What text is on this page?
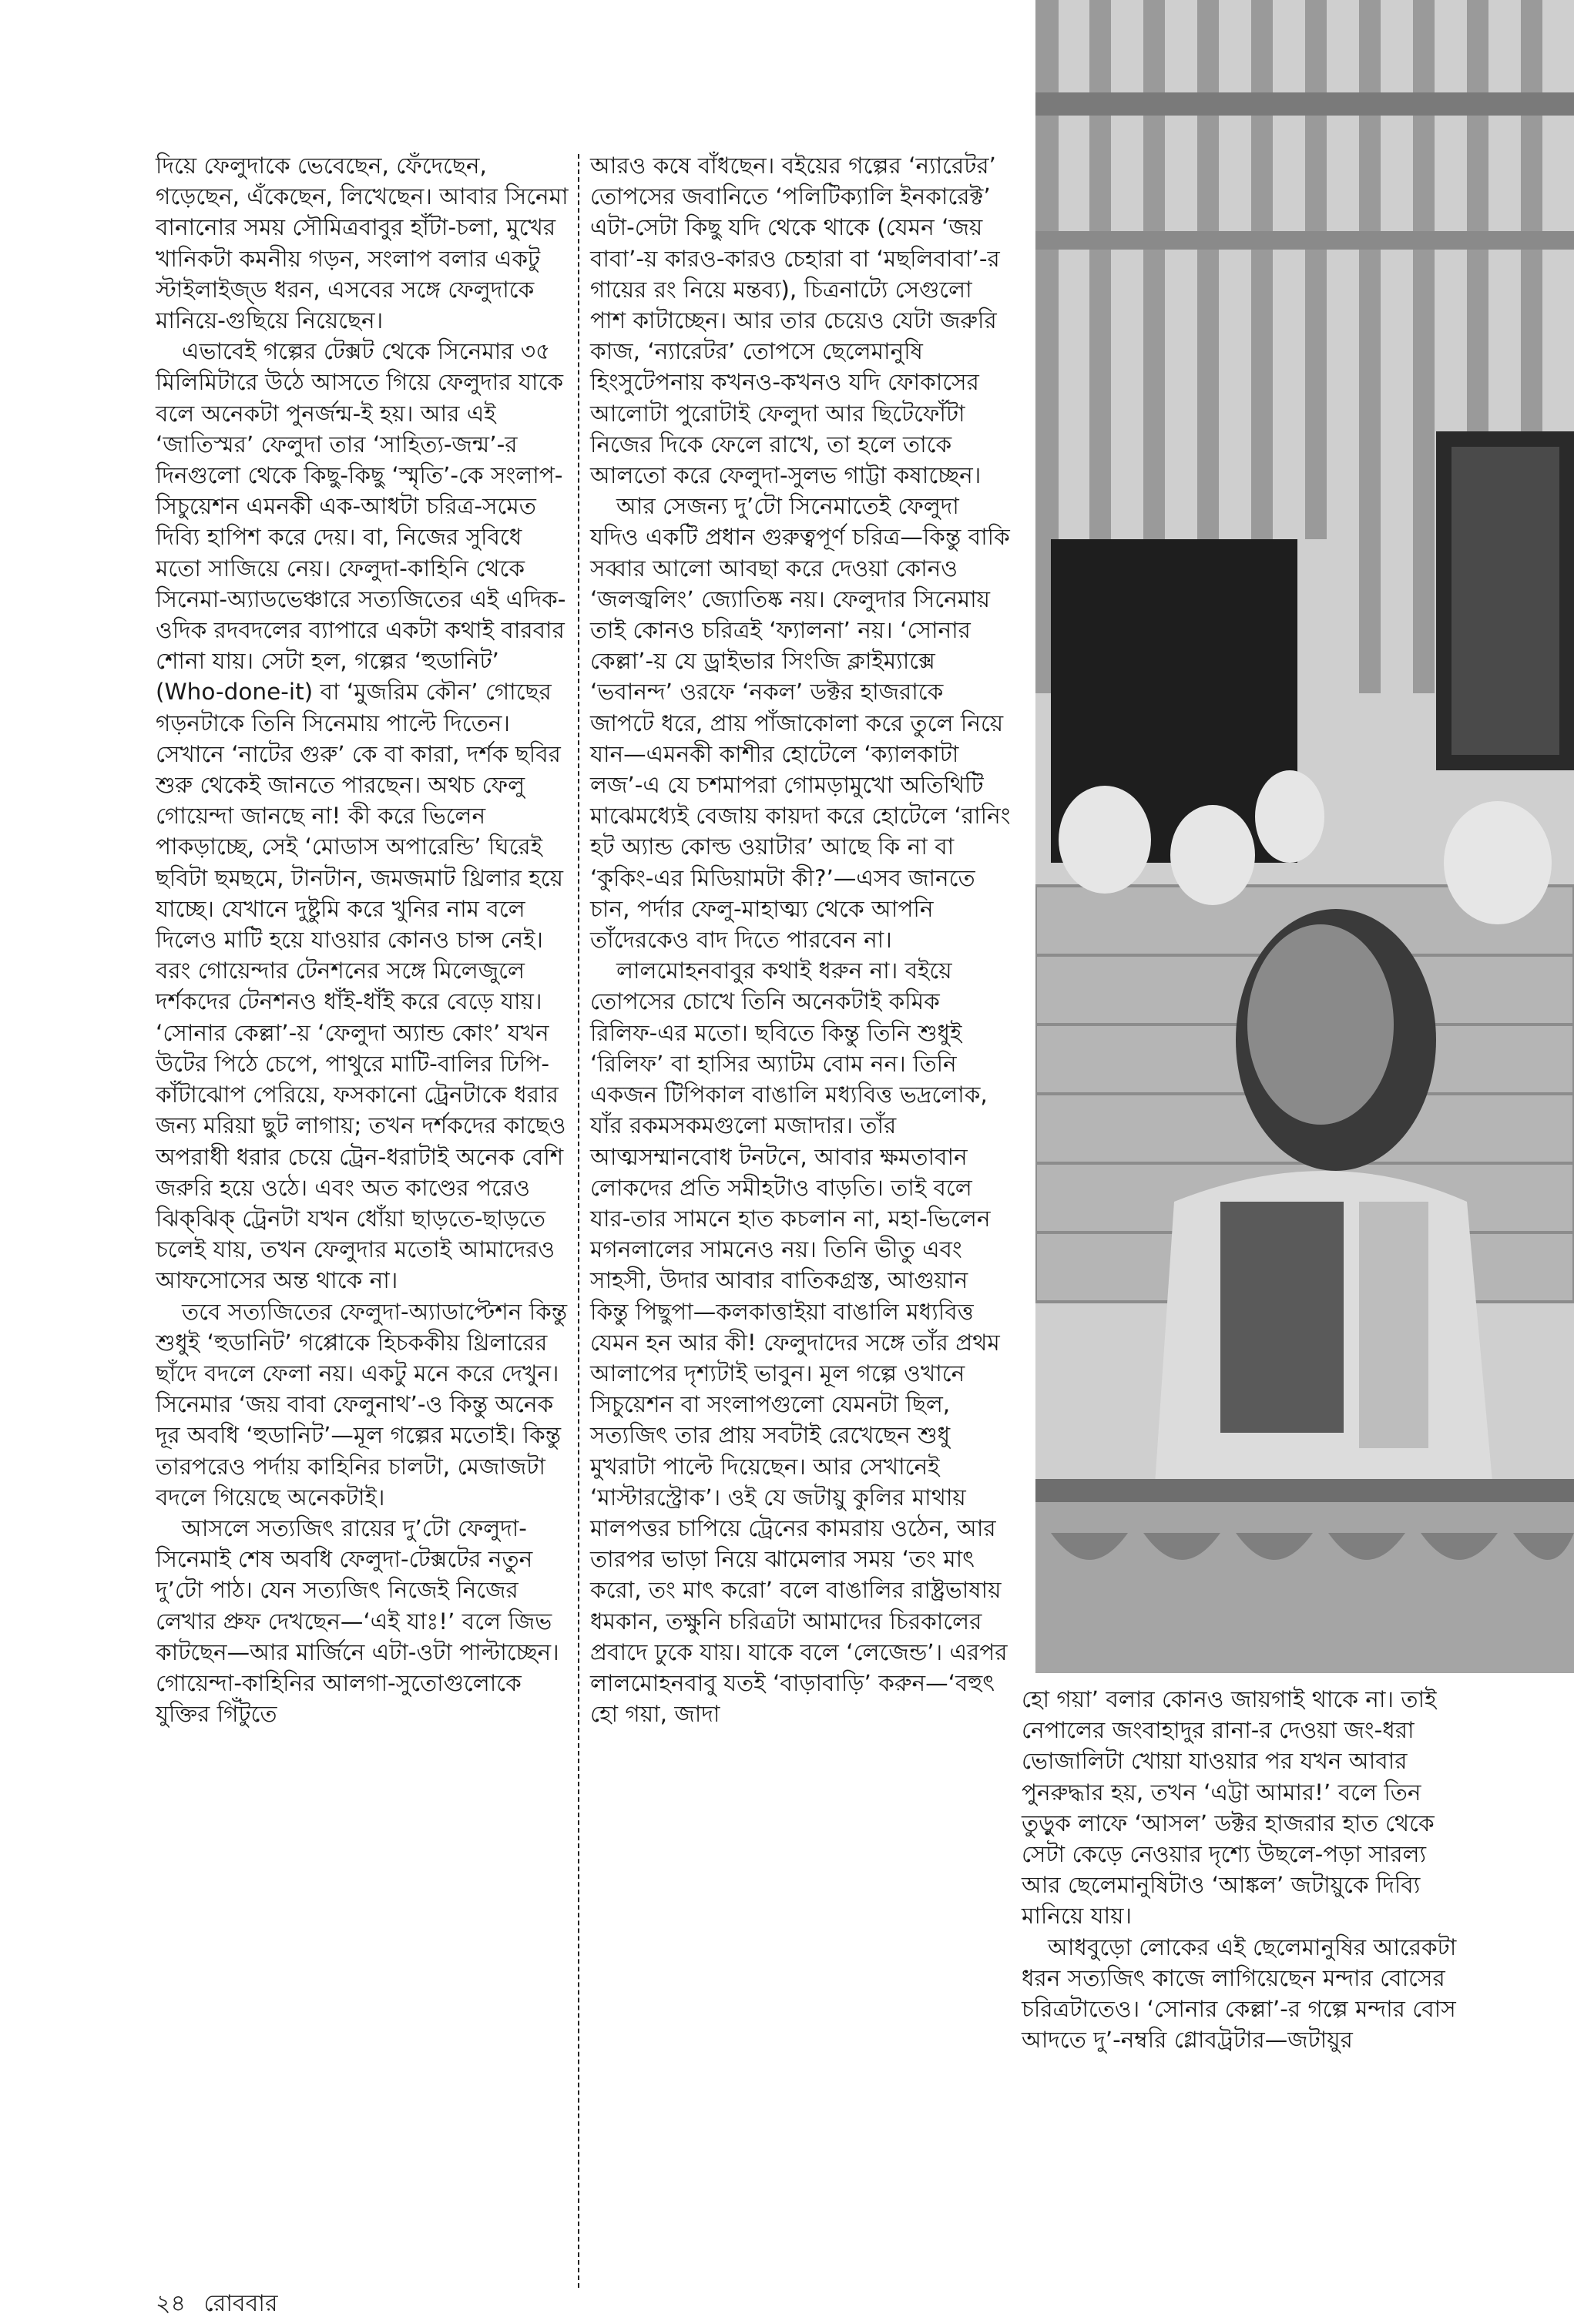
দিয়ে ফেলুদাকে ভেবেছেন, ফেঁদেছেন, গড়েছেন, এঁকেছেন, লিখেছেন। আবার সিনেমা বানানোর সময় সৌমিত্রবাবুর হাঁটা-চলা, মুখের খানিকটা কমনীয় গড়ন, সংলাপ বলার একটু স্টাইলাইজ্‌ড ধরন, এসবের সঙ্গে ফেলুদাকে মানিয়ে-গুছিয়ে নিয়েছেন।

এভাবেই গল্পের টেক্সট থেকে সিনেমার ৩৫ মিলিমিটারে উঠে আসতে গিয়ে ফেলুদার যাকে বলে অনেকটা পুনর্জন্ম-ই হয়। আর এই ‘জাতিস্মর’ ফেলুদা তার ‘সাহিত্য-জন্ম’-র দিনগুলো থেকে কিছু-কিছু ‘স্মৃতি’-কে সংলাপ-সিচুয়েশন এমনকী এক-আধটা চরিত্র-সমেত দিব্যি হাপিশ করে দেয়। বা, নিজের সুবিধে মতো সাজিয়ে নেয়। ফেলুদা-কাহিনি থেকে সিনেমা-অ্যাডভেঞ্চারে সত্যজিতের এই এদিক-ওদিক রদবদলের ব্যাপারে একটা কথাই বারবার শোনা যায়। সেটা হল, গল্পের ‘হুডানিট’ (Who-done-it) বা ‘মুজরিম কৌন’ গোছের গড়নটাকে তিনি সিনেমায় পাল্টে দিতেন। সেখানে ‘নাটের গুরু’ কে বা কারা, দর্শক ছবির শুরু থেকেই জানতে পারছেন। অথচ ফেলু গোয়েন্দা জানছে না! কী করে ভিলেন পাকড়াচ্ছে, সেই ‘মোডাস অপারেন্ডি’ ঘিরেই ছবিটা ছমছমে, টানটান, জমজমাট থ্রিলার হয়ে যাচ্ছে। যেখানে দুষ্টুমি করে খুনির নাম বলে দিলেও মাটি হয়ে যাওয়ার কোনও চান্স নেই। বরং গোয়েন্দার টেনশনের সঙ্গে মিলেজুলে দর্শকদের টেনশনও ধাঁই-ধাঁই করে বেড়ে যায়। ‘সোনার কেল্লা’-য় ‘ফেলুদা অ্যান্ড কোং’ যখন উটের পিঠে চেপে, পাথুরে মাটি-বালির ঢিপি-কাঁটাঝোপ পেরিয়ে, ফসকানো ট্রেনটাকে ধরার জন্য মরিয়া ছুট লাগায়; তখন দর্শকদের কাছেও অপরাধী ধরার চেয়ে ট্রেন-ধরাটাই অনেক বেশি জরুরি হয়ে ওঠে। এবং অত কাণ্ডের পরেও ঝিক্‌ঝিক্ ট্রেনটা যখন ধোঁয়া ছাড়তে-ছাড়তে চলেই যায়, তখন ফেলুদার মতোই আমাদেরও আফসোসের অন্ত থাকে না।

তবে সত্যজিতের ফেলুদা-অ্যাডাপ্টেশন কিন্তু শুধুই ‘হুডানিট’ গপ্পোকে হিচককীয় থ্রিলারের ছাঁদে বদলে ফেলা নয়। একটু মনে করে দেখুন। সিনেমার ‘জয় বাবা ফেলুনাথ’-ও কিন্তু অনেক দূর অবধি ‘হুডানিট’—মূল গল্পের মতোই। কিন্তু তারপরেও পর্দায় কাহিনির চালটা, মেজাজটা বদলে গিয়েছে অনেকটাই।

আসলে সত্যজিৎ রায়ের দু’টো ফেলুদা-সিনেমাই শেষ অবধি ফেলুদা-টেক্সটের নতুন দু’টো পাঠ। যেন সত্যজিৎ নিজেই নিজের লেখার প্রুফ দেখছেন—‘এই যাঃ!’ বলে জিভ কাটছেন—আর মার্জিনে এটা-ওটা পাল্টাচ্ছেন। গোয়েন্দা-কাহিনির আলগা-সুতোগুলোকে যুক্তির গিঁটুতে

আরও কষে বাঁধছেন। বইয়ের গল্পের ‘ন্যারেটর’ তোপসের জবানিতে ‘পলিটিক্যালি ইনকারেক্ট’ এটা-সেটা কিছু যদি থেকে থাকে (যেমন ‘জয় বাবা’-য় কারও-কারও চেহারা বা ‘মছলিবাবা’-র গায়ের রং নিয়ে মন্তব্য), চিত্রনাট্যে সেগুলো পাশ কাটাচ্ছেন। আর তার চেয়েও যেটা জরুরি কাজ, ‘ন্যারেটর’ তোপসে ছেলেমানুষি হিংসুটেপনায় কখনও-কখনও যদি ফোকাসের আলোটা পুরোটাই ফেলুদা আর ছিটেফোঁটা নিজের দিকে ফেলে রাখে, তা হলে তাকে আলতো করে ফেলুদা-সুলভ গাট্টা কষাচ্ছেন।

আর সেজন্য দু’টো সিনেমাতেই ফেলুদা যদিও একটি প্রধান গুরুত্বপূর্ণ চরিত্র—কিন্তু বাকি সব্বার আলো আবছা করে দেওয়া কোনও ‘জলজ্বলিং’ জ্যোতিষ্ক নয়। ফেলুদার সিনেমায় তাই কোনও চরিত্রই ‘ফ্যালনা’ নয়। ‘সোনার কেল্লা’-য় যে ড্রাইভার সিংজি ক্লাইম্যাক্সে ‘ভবানন্দ’ ওরফে ‘নকল’ ডক্টর হাজরাকে জাপটে ধরে, প্রায় পাঁজাকোলা করে তুলে নিয়ে যান—এমনকী কাশীর হোটেলে ‘ক্যালকাটা লজ’-এ যে চশমাপরা গোমড়ামুখো অতিথিটি মাঝেমধ্যেই বেজায় কায়দা করে হোটেলে ‘রানিং হট অ্যান্ড কোল্ড ওয়াটার’ আছে কি না বা ‘কুকিং-এর মিডিয়ামটা কী?’—এসব জানতে চান, পর্দার ফেলু-মাহাত্ম্য থেকে আপনি তাঁদেরকেও বাদ দিতে পারবেন না।

লালমোহনবাবুর কথাই ধরুন না। বইয়ে তোপসের চোখে তিনি অনেকটাই কমিক রিলিফ-এর মতো। ছবিতে কিন্তু তিনি শুধুই ‘রিলিফ’ বা হাসির অ্যাটম বোম নন। তিনি একজন টিপিকাল বাঙালি মধ্যবিত্ত ভদ্রলোক, যাঁর রকমসকমগুলো মজাদার। তাঁর আত্মসম্মানবোধ টনটনে, আবার ক্ষমতাবান লোকদের প্রতি সমীহটাও বাড়তি। তাই বলে যার-তার সামনে হাত কচলান না, মহা-ভিলেন মগনলালের সামনেও নয়। তিনি ভীতু এবং সাহসী, উদার আবার বাতিকগ্রস্ত, আগুয়ান কিন্তু পিছুপা—কলকাত্তাইয়া বাঙালি মধ্যবিত্ত যেমন হন আর কী! ফেলুদাদের সঙ্গে তাঁর প্রথম আলাপের দৃশ্যটাই ভাবুন। মূল গল্পে ওখানে সিচুয়েশন বা সংলাপগুলো যেমনটা ছিল, সত্যজিৎ তার প্রায় সবটাই রেখেছেন শুধু মুখরাটা পাল্টে দিয়েছেন। আর সেখানেই ‘মাস্টারস্ট্রোক’। ওই যে জটায়ু কুলির মাথায় মালপত্তর চাপিয়ে ট্রেনের কামরায় ওঠেন, আর তারপর ভাড়া নিয়ে ঝামেলার সময় ‘তং মাৎ করো, তং মাৎ করো’ বলে বাঙালির রাষ্ট্রভাষায় ধমকান, তক্ষুনি চরিত্রটা আমাদের চিরকালের প্রবাদে ঢুকে যায়। যাকে বলে ‘লেজেন্ড’। এরপর লালমোহনবাবু যতই ‘বাড়াবাড়ি’ করুন—‘বহুৎ হো গয়া, জাদা

হো গয়া’ বলার কোনও জায়গাই থাকে না। তাই নেপালের জংবাহাদুর রানা-র দেওয়া জং-ধরা ভোজালিটা খোয়া যাওয়ার পর যখন আবার পুনরুদ্ধার হয়, তখন ‘এট্টা আমার!’ বলে তিন তুড়ুক লাফে ‘আসল’ ডক্টর হাজরার হাত থেকে সেটা কেড়ে নেওয়ার দৃশ্যে উছলে-পড়া সারল্য আর ছেলেমানুষিটাও ‘আঙ্কল’ জটায়ুকে দিব্যি মানিয়ে যায়।

আধবুড়ো লোকের এই ছেলেমানুষির আরেকটা ধরন সত্যজিৎ কাজে লাগিয়েছেন মন্দার বোসের চরিত্রটাতেও। ‘সোনার কেল্লা’-র গল্পে মন্দার বোস আদতে দু’-নম্বরি গ্লোবট্রটার—জটায়ুর

২৪ রোববার
